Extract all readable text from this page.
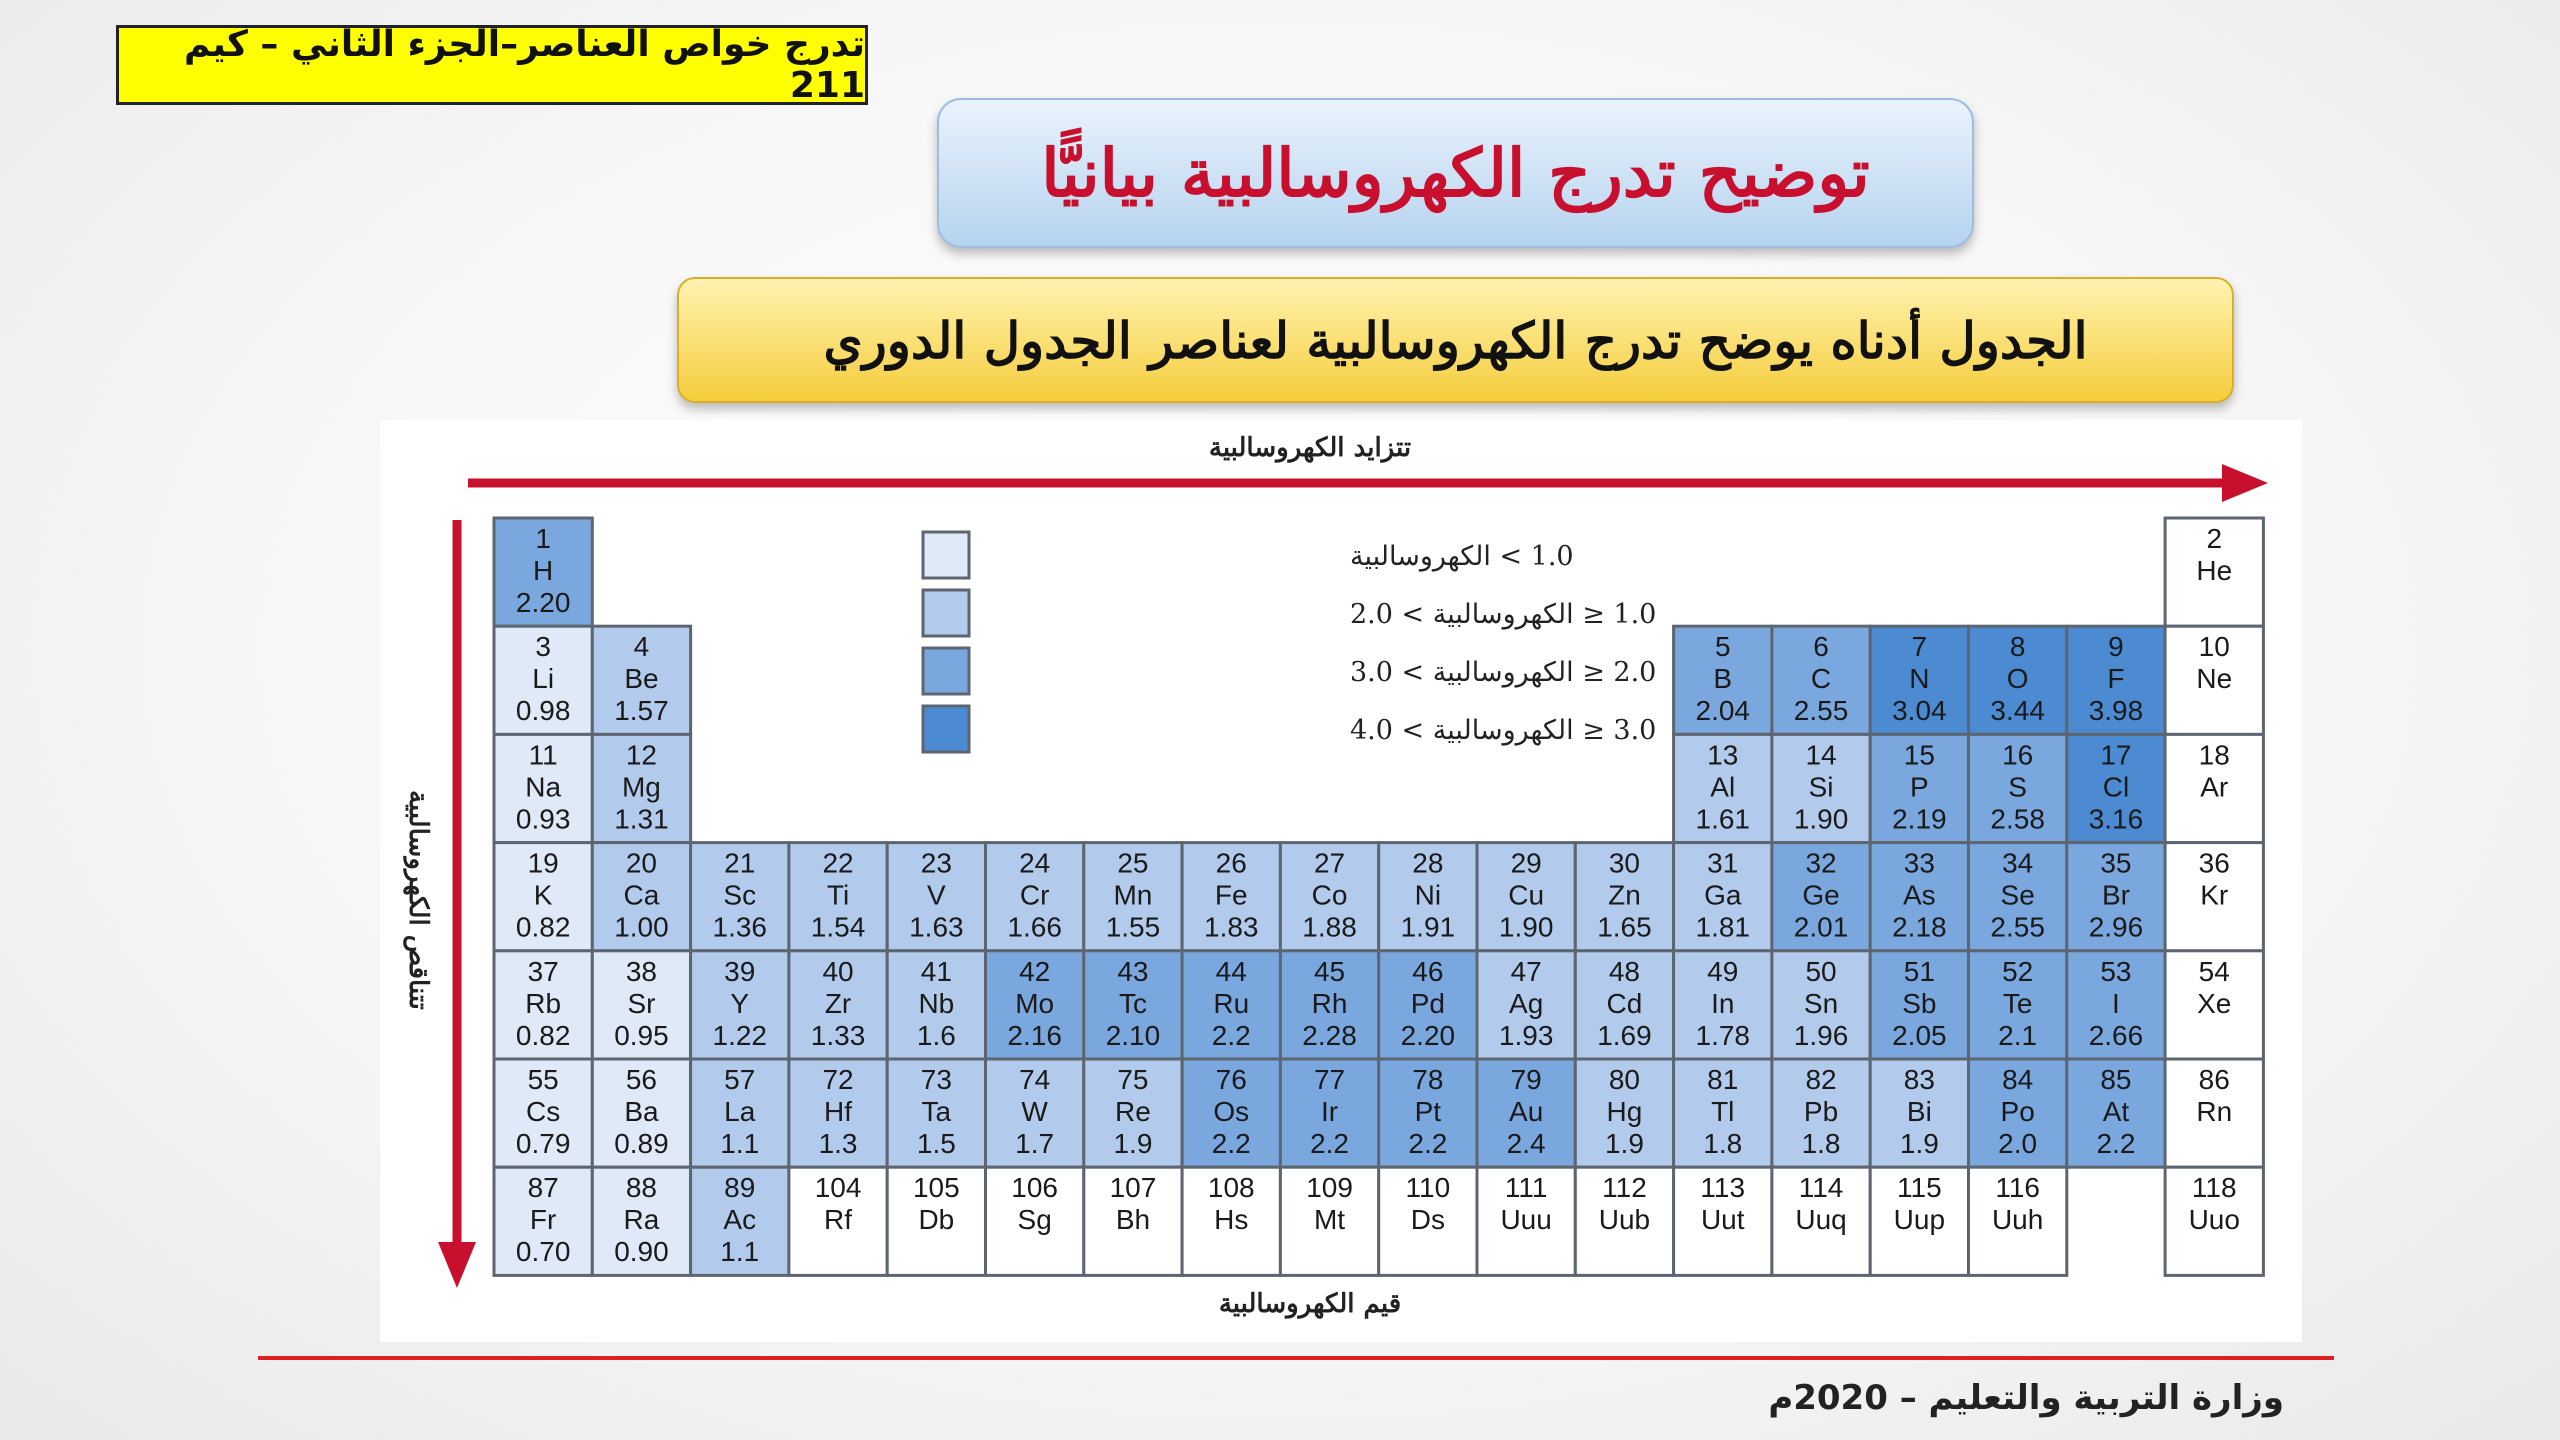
تدرج خواص العناصر–الجزء الثاني – كيم 211
توضيح تدرج الكهروسالبية بيانيًّا
الجدول أدناه يوضح تدرج الكهروسالبية لعناصر الجدول الدوري
تتزايد الكهروسالبية
تتناقص الكهروسالبية
1
H
2.20
2
He
3
Li
0.98
4
Be
1.57
5
B
2.04
6
C
2.55
7
N
3.04
8
O
3.44
9
F
3.98
10
Ne
11
Na
0.93
12
Mg
1.31
13
Al
1.61
14
Si
1.90
15
P
2.19
16
S
2.58
17
Cl
3.16
18
Ar
19
K
0.82
20
Ca
1.00
21
Sc
1.36
22
Ti
1.54
23
V
1.63
24
Cr
1.66
25
Mn
1.55
26
Fe
1.83
27
Co
1.88
28
Ni
1.91
29
Cu
1.90
30
Zn
1.65
31
Ga
1.81
32
Ge
2.01
33
As
2.18
34
Se
2.55
35
Br
2.96
36
Kr
37
Rb
0.82
38
Sr
0.95
39
Y
1.22
40
Zr
1.33
41
Nb
1.6
42
Mo
2.16
43
Tc
2.10
44
Ru
2.2
45
Rh
2.28
46
Pd
2.20
47
Ag
1.93
48
Cd
1.69
49
In
1.78
50
Sn
1.96
51
Sb
2.05
52
Te
2.1
53
I
2.66
54
Xe
55
Cs
0.79
56
Ba
0.89
57
La
1.1
72
Hf
1.3
73
Ta
1.5
74
W
1.7
75
Re
1.9
76
Os
2.2
77
Ir
2.2
78
Pt
2.2
79
Au
2.4
80
Hg
1.9
81
Tl
1.8
82
Pb
1.8
83
Bi
1.9
84
Po
2.0
85
At
2.2
86
Rn
87
Fr
0.70
88
Ra
0.90
89
Ac
1.1
104
Rf
105
Db
106
Sg
107
Bh
108
Hs
109
Mt
110
Ds
111
Uuu
112
Uub
113
Uut
114
Uuq
115
Uup
116
Uuh
118
Uuo
1.0 > الكهروسالبية
1.0 ≤ الكهروسالبية > 2.0
2.0 ≤ الكهروسالبية > 3.0
3.0 ≤ الكهروسالبية > 4.0
قيم الكهروسالبية
وزارة التربية والتعليم – 2020م
